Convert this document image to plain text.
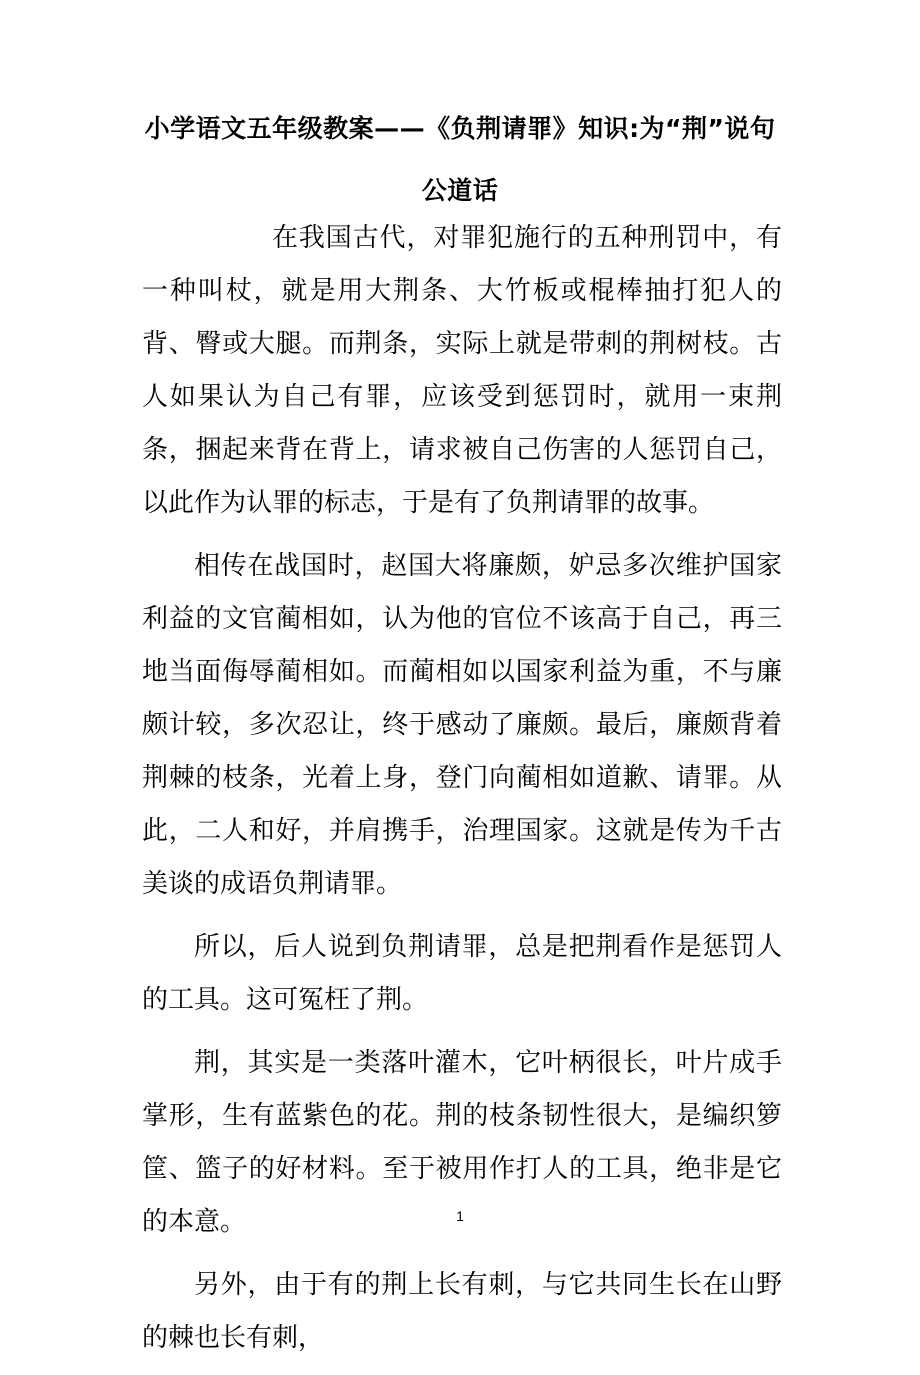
小学语文五年级教案——《负荆请罪》知识:为“荆”说句公道话

在我国古代，对罪犯施行的五种刑罚中，有一种叫杖，就是用大荆条、大竹板或棍棒抽打犯人的背、臀或大腿。而荆条，实际上就是带刺的荆树枝。古人如果认为自己有罪，应该受到惩罚时，就用一束荆条，捆起来背在背上，请求被自己伤害的人惩罚自己，以此作为认罪的标志，于是有了负荆请罪的故事。

相传在战国时，赵国大将廉颇，妒忌多次维护国家利益的文官蔺相如，认为他的官位不该高于自己，再三地当面侮辱蔺相如。而蔺相如以国家利益为重，不与廉颇计较，多次忍让，终于感动了廉颇。最后，廉颇背着荆棘的枝条，光着上身，登门向蔺相如道歉、请罪。从此，二人和好，并肩携手，治理国家。这就是传为千古美谈的成语负荆请罪。

所以，后人说到负荆请罪，总是把荆看作是惩罚人的工具。这可冤枉了荆。

荆，其实是一类落叶灌木，它叶柄很长，叶片成手掌形，生有蓝紫色的花。荆的枝条韧性很大，是编织箩筐、篮子的好材料。至于被用作打人的工具，绝非是它的本意。

另外，由于有的荆上长有刺，与它共同生长在山野的棘也长有刺，

1
